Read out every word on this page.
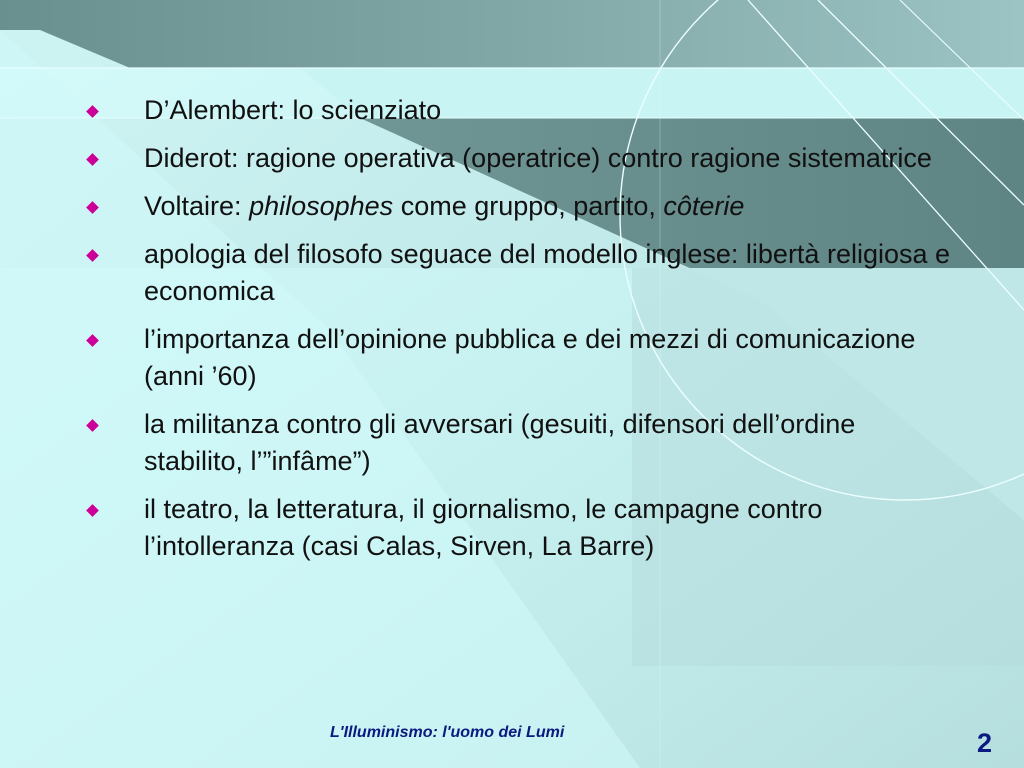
D’Alembert: lo scienziato
Diderot: ragione operativa (operatrice) contro ragione sistematrice
Voltaire: philosophes come gruppo, partito, côterie
apologia del filosofo seguace del modello inglese: libertà religiosa e economica
l’importanza dell’opinione pubblica e dei mezzi di comunicazione (anni ’60)
la militanza contro gli avversari (gesuiti, difensori dell’ordine stabilito, l’”infâme”)
il teatro, la letteratura, il giornalismo, le campagne contro l’intolleranza (casi Calas, Sirven, La Barre)
L'Illuminismo: l'uomo dei Lumi	2
